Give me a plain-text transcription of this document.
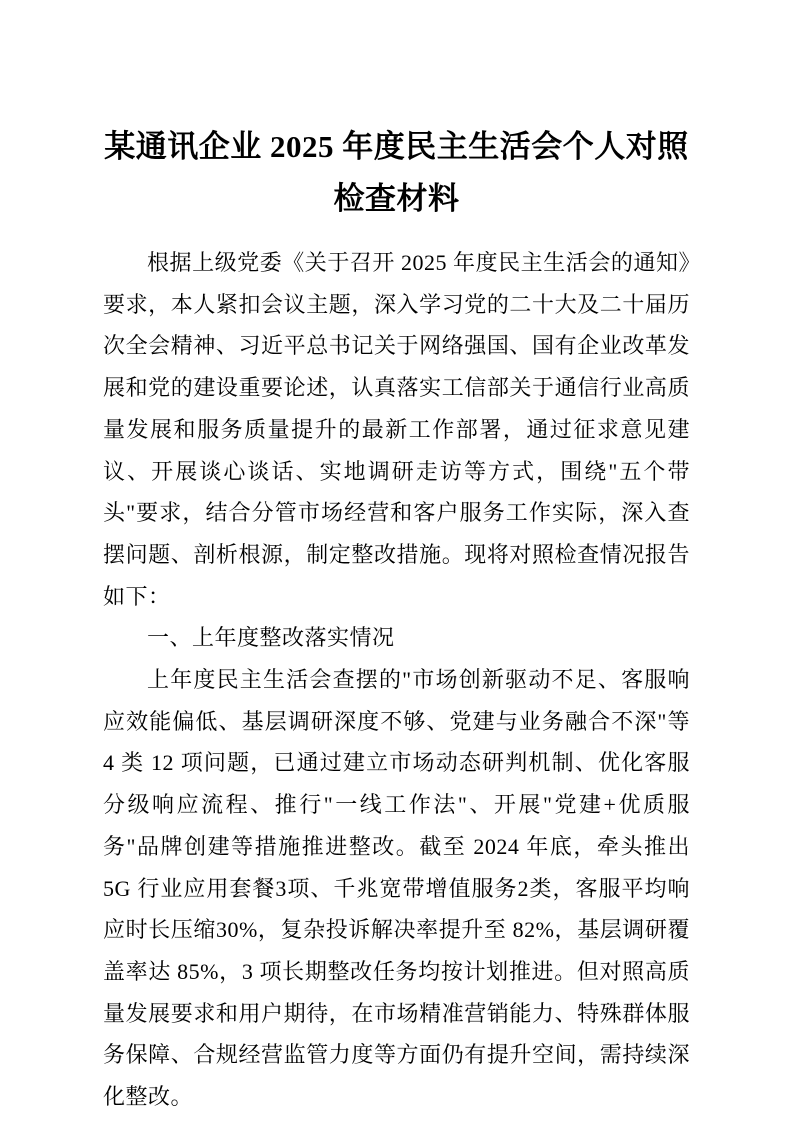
某通讯企业 2025 年度民主生活会个人对照检查材料

根据上级党委《关于召开 2025 年度民主生活会的通知》要求，本人紧扣会议主题，深入学习党的二十大及二十届历次全会精神、习近平总书记关于网络强国、国有企业改革发展和党的建设重要论述，认真落实工信部关于通信行业高质量发展和服务质量提升的最新工作部署，通过征求意见建议、开展谈心谈话、实地调研走访等方式，围绕"五个带头"要求，结合分管市场经营和客户服务工作实际，深入查摆问题、剖析根源，制定整改措施。现将对照检查情况报告如下：

一、上年度整改落实情况

上年度民主生活会查摆的"市场创新驱动不足、客服响应效能偏低、基层调研深度不够、党建与业务融合不深"等 4 类 12 项问题，已通过建立市场动态研判机制、优化客服分级响应流程、推行"一线工作法"、开展"党建+优质服务"品牌创建等措施推进整改。截至 2024 年底，牵头推出 5G 行业应用套餐3项、千兆宽带增值服务2类，客服平均响应时长压缩30%，复杂投诉解决率提升至 82%，基层调研覆盖率达 85%，3 项长期整改任务均按计划推进。但对照高质量发展要求和用户期待，在市场精准营销能力、特殊群体服务保障、合规经营监管力度等方面仍有提升空间，需持续深化整改。
